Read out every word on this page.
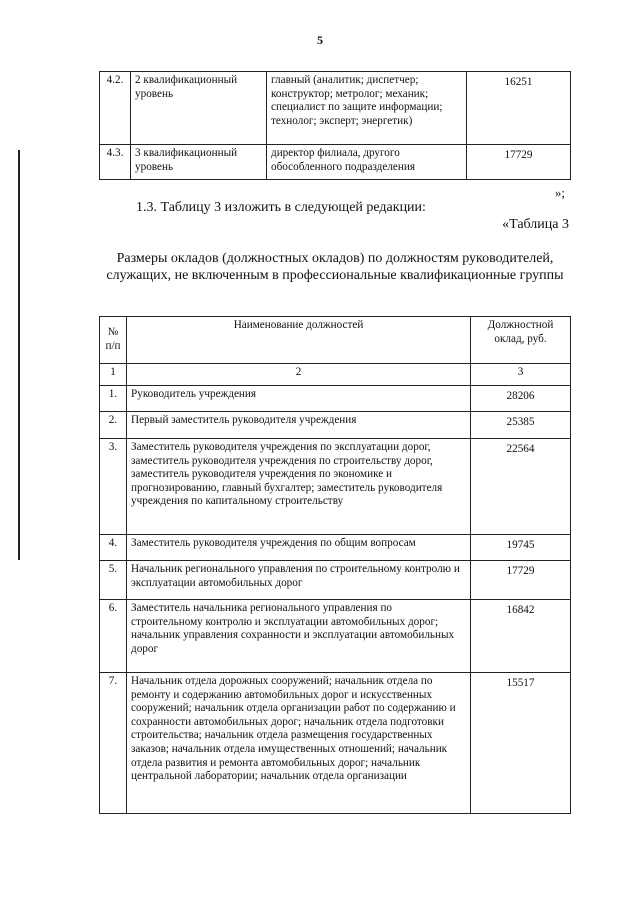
5
4.2.	2 квалификационный уровень	главный (аналитик; диспетчер; конструктор; метролог; механик; специалист по защите информации; технолог; эксперт; энергетик)	16251
4.3.	3 квалификационный уровень	директор филиала, другого обособленного подразделения	17729
»;
1.3. Таблицу 3 изложить в следующей редакции:
«Таблица 3
Размеры окладов (должностных окладов) по должностям руководителей, служащих, не включенным в профессиональные квалификационные группы
№ п/п	Наименование должностей	Должностной оклад, руб.
1	2	3
1.	Руководитель учреждения	28206
2.	Первый заместитель руководителя учреждения	25385
3.	Заместитель руководителя учреждения по эксплуатации дорог, заместитель руководителя учреждения по строительству дорог, заместитель руководителя учреждения по экономике и прогнозированию, главный бухгалтер; заместитель руководителя учреждения по капитальному строительству	22564
4.	Заместитель руководителя учреждения по общим вопросам	19745
5.	Начальник регионального управления по строительному контролю и эксплуатации автомобильных дорог	17729
6.	Заместитель начальника регионального управления по строительному контролю и эксплуатации автомобильных дорог; начальник управления сохранности и эксплуатации автомобильных дорог	16842
7.	Начальник отдела дорожных сооружений; начальник отдела по ремонту и содержанию автомобильных дорог и искусственных сооружений; начальник отдела организации работ по содержанию и сохранности автомобильных дорог; начальник отдела подготовки строительства; начальник отдела размещения государственных заказов; начальник отдела имущественных отношений; начальник отдела развития и ремонта автомобильных дорог; начальник центральной лаборатории; начальник отдела организации	15517
